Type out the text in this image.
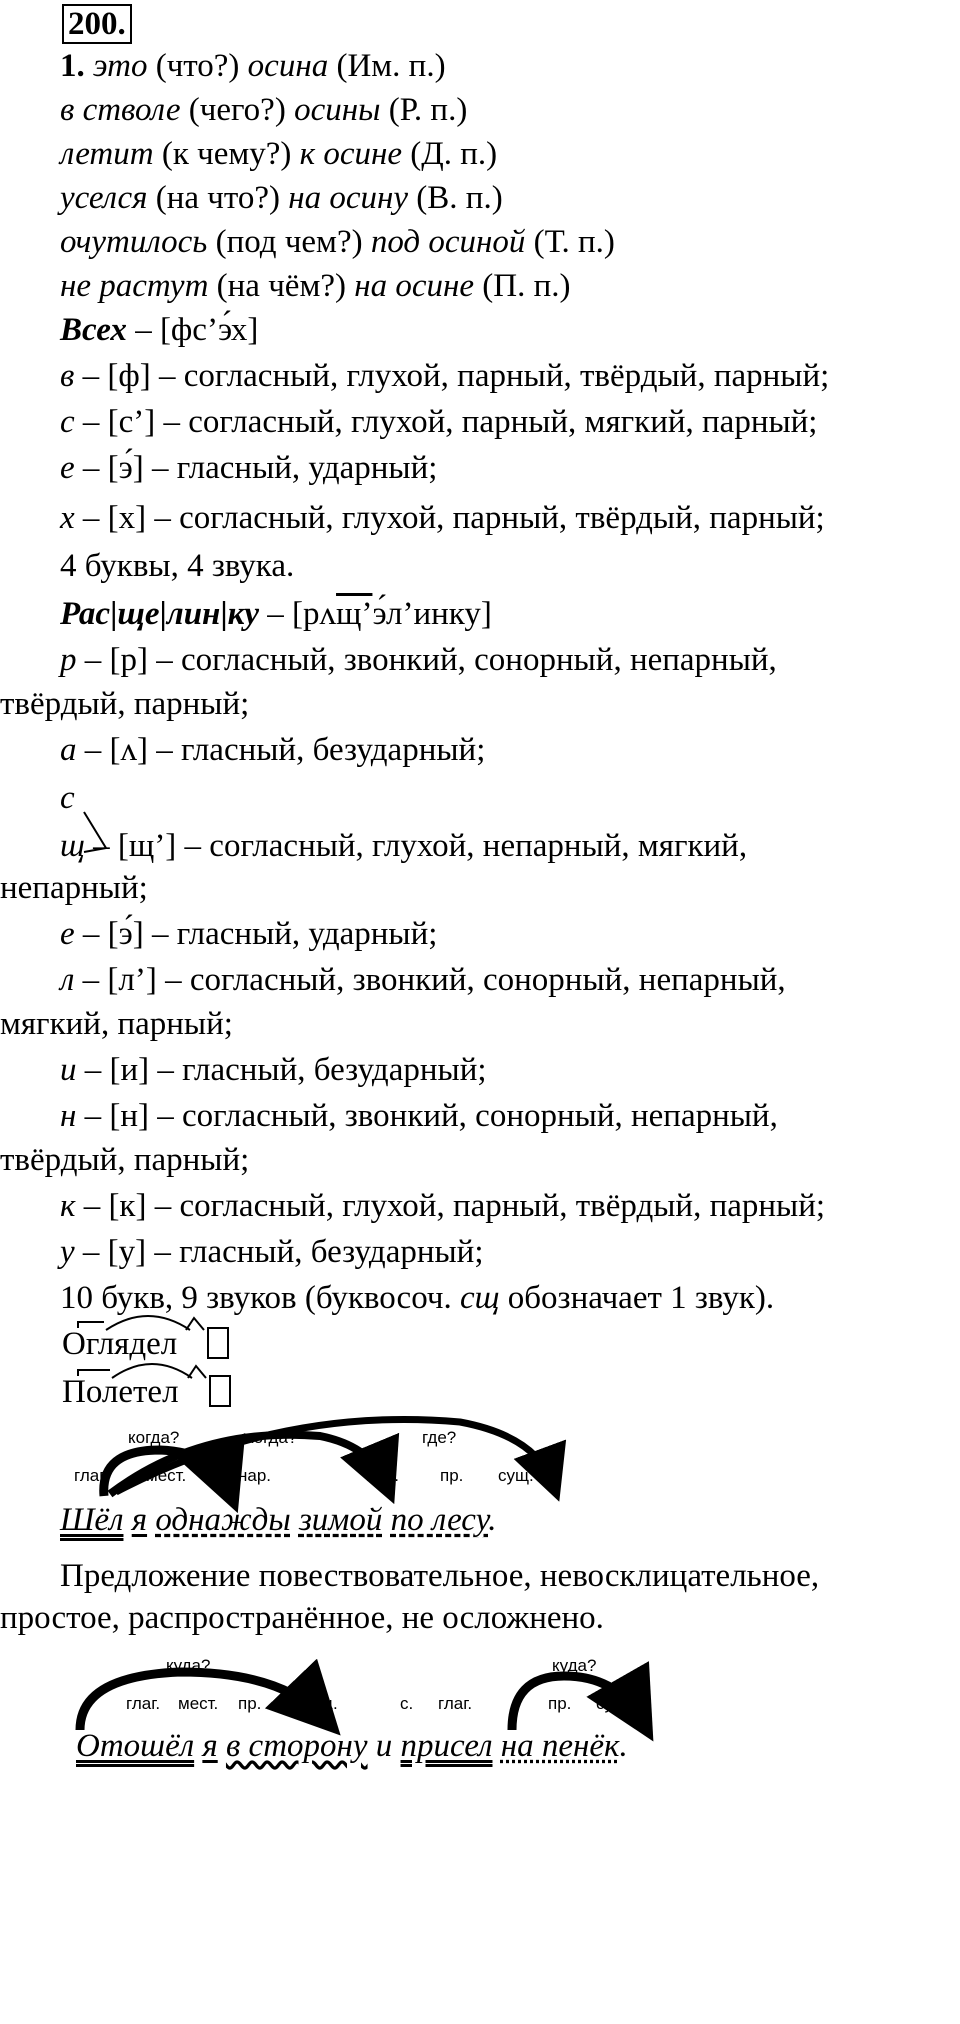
200.
1. это (что?) осина (Им. п.)
в стволе (чего?) осины (Р. п.)
летит (к чему?) к осине (Д. п.)
уселся (на что?) на осину (В. п.)
очутилось (под чем?) под осиной (Т. п.)
не растут (на чём?) на осине (П. п.)
Всех – [фс’э́х]
в – [ф] – согласный, глухой, парный, твёрдый, парный;
с – [с’] – согласный, глухой, парный, мягкий, парный;
е – [э́] – гласный, ударный;
х – [х] – согласный, глухой, парный, твёрдый, парный;
4 буквы, 4 звука.
Рас|ще|лин|ку – [рʌщ’э́л’инку]
р – [р] – согласный, звонкий, сонорный, непарный,
твёрдый, парный;
а – [ʌ] – гласный, безударный;
с
щ – [щ’] – согласный, глухой, непарный, мягкий,
непарный;
е – [э́] – гласный, ударный;
л – [л’] – согласный, звонкий, сонорный, непарный,
мягкий, парный;
и – [и] – гласный, безударный;
н – [н] – согласный, звонкий, сонорный, непарный,
твёрдый, парный;
к – [к] – согласный, глухой, парный, твёрдый, парный;
у – [у] – гласный, безударный;
10 букв, 9 звуков (буквосоч. сщ обозначает 1 звук).
Оглядел
Полетел
когда?	когда?	где?
глаг. мест.	нар.	нар. пр. сущ.
Шёл я однажды зимой по лесу.
Предложение повествовательное, невосклицательное,
простое, распространённое, не осложнено.
куда?	куда?
глаг. мест. пр. сущ.	с. глаг.	пр. сущ.
Отошёл я в сторону и присел на пенёк.
